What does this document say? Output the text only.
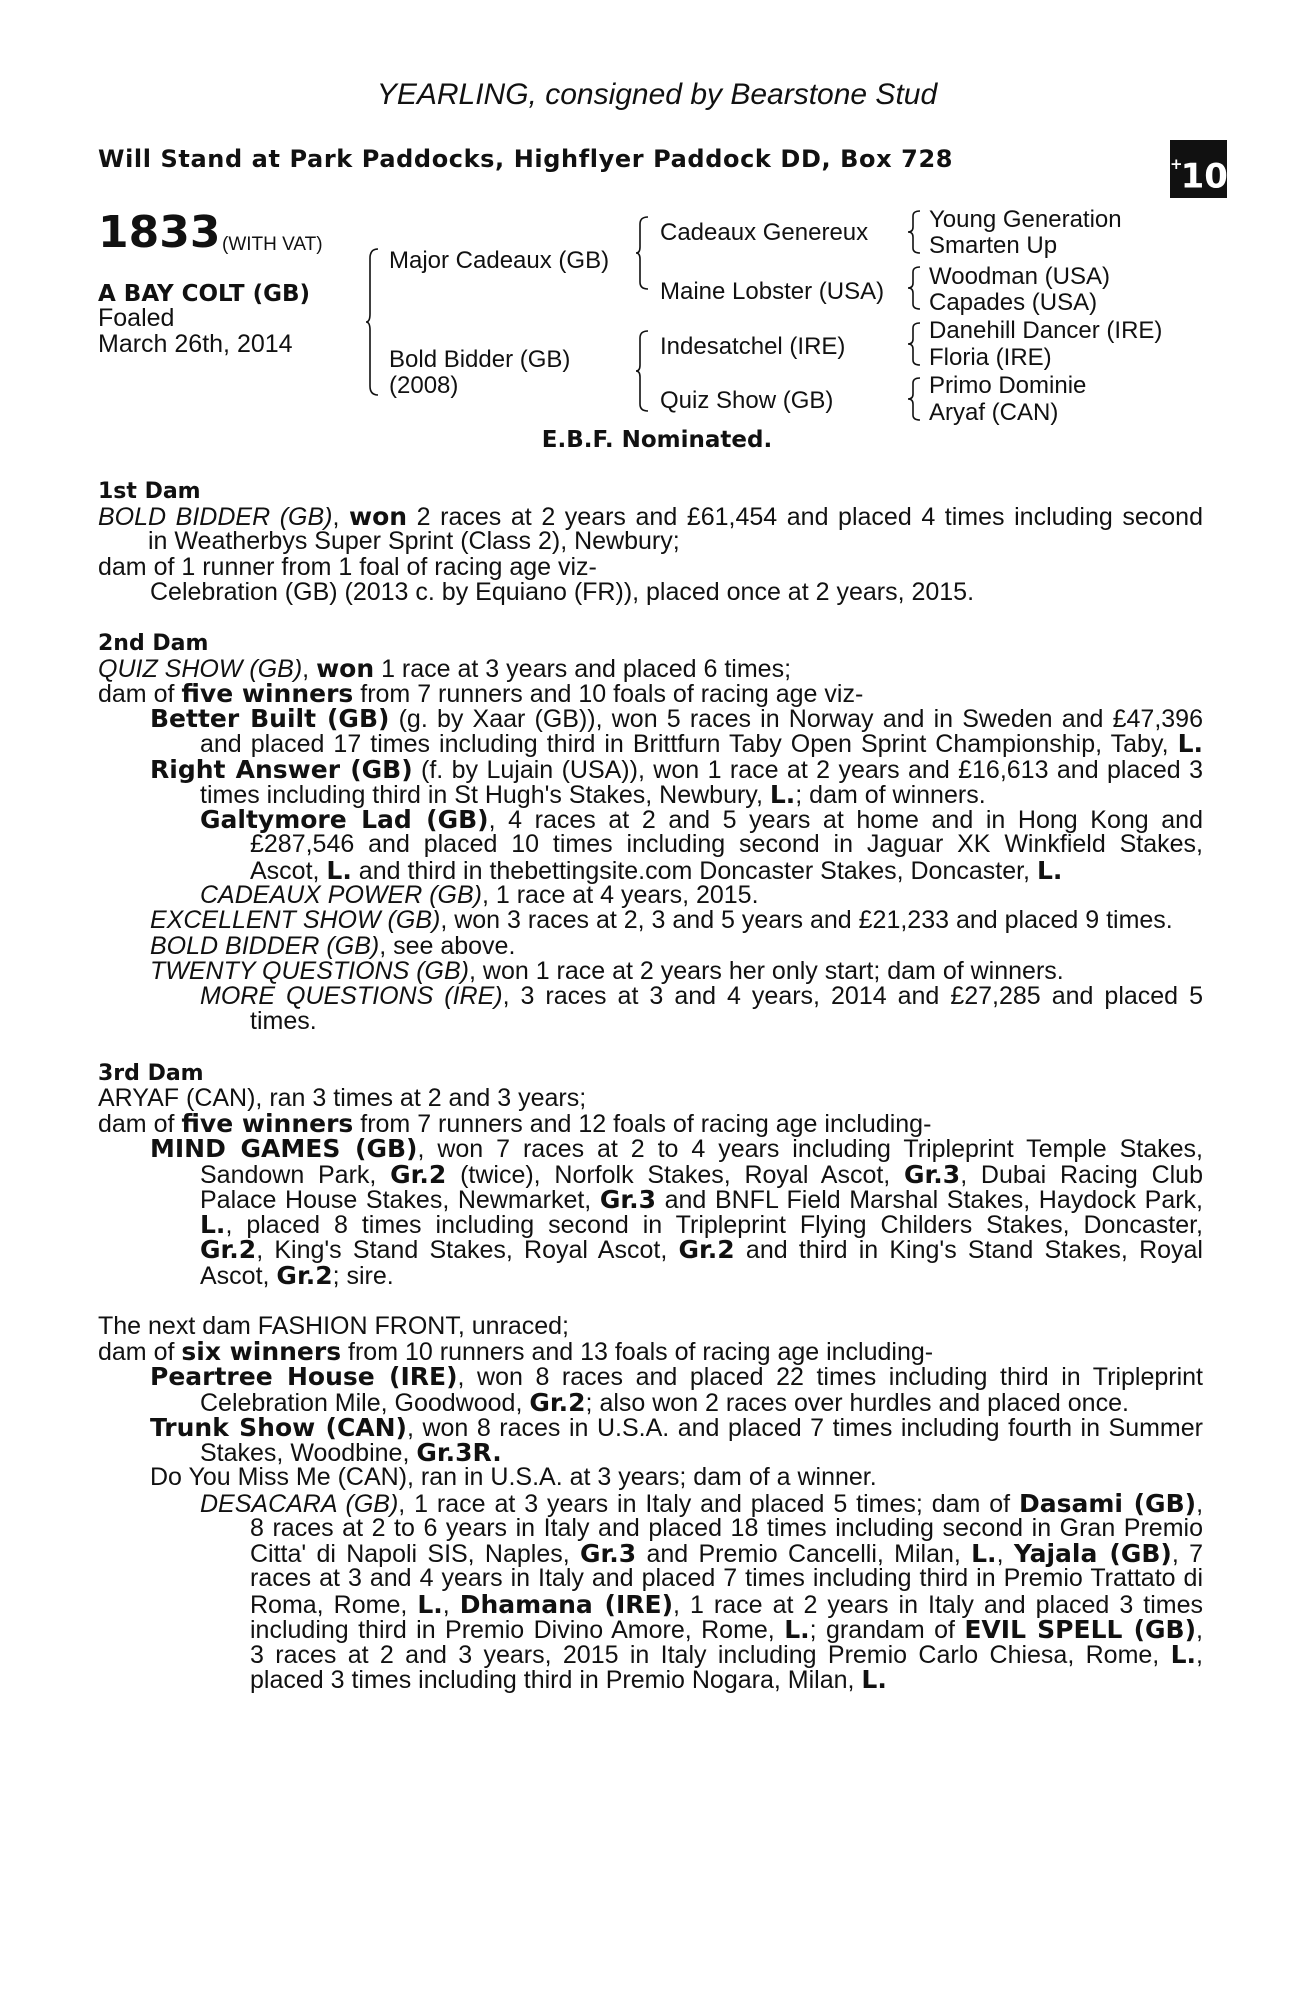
YEARLING, consigned by Bearstone Stud
Will Stand at Park Paddocks, Highflyer Paddock DD, Box 728	+10
1833 (WITH VAT)
A BAY COLT (GB)
Foaled
March 26th, 2014
Major Cadeaux (GB)
Bold Bidder (GB)
(2008)
Cadeaux Genereux
Maine Lobster (USA)
Indesatchel (IRE)
Quiz Show (GB)
Young Generation
Smarten Up
Woodman (USA)
Capades (USA)
Danehill Dancer (IRE)
Floria (IRE)
Primo Dominie
Aryaf (CAN)
E.B.F. Nominated.
1st Dam
BOLD BIDDER (GB), won 2 races at 2 years and £61,454 and placed 4 times including second
in Weatherbys Super Sprint (Class 2), Newbury;
dam of 1 runner from 1 foal of racing age viz-
Celebration (GB) (2013 c. by Equiano (FR)), placed once at 2 years, 2015.
2nd Dam
QUIZ SHOW (GB), won 1 race at 3 years and placed 6 times;
dam of five winners from 7 runners and 10 foals of racing age viz-
Better Built (GB) (g. by Xaar (GB)), won 5 races in Norway and in Sweden and £47,396
and placed 17 times including third in Brittfurn Taby Open Sprint Championship, Taby, L.
Right Answer (GB) (f. by Lujain (USA)), won 1 race at 2 years and £16,613 and placed 3
times including third in St Hugh's Stakes, Newbury, L.; dam of winners.
Galtymore Lad (GB), 4 races at 2 and 5 years at home and in Hong Kong and
£287,546 and placed 10 times including second in Jaguar XK Winkfield Stakes,
Ascot, L. and third in thebettingsite.com Doncaster Stakes, Doncaster, L.
CADEAUX POWER (GB), 1 race at 4 years, 2015.
EXCELLENT SHOW (GB), won 3 races at 2, 3 and 5 years and £21,233 and placed 9 times.
BOLD BIDDER (GB), see above.
TWENTY QUESTIONS (GB), won 1 race at 2 years her only start; dam of winners.
MORE QUESTIONS (IRE), 3 races at 3 and 4 years, 2014 and £27,285 and placed 5
times.
3rd Dam
ARYAF (CAN), ran 3 times at 2 and 3 years;
dam of five winners from 7 runners and 12 foals of racing age including-
MIND GAMES (GB), won 7 races at 2 to 4 years including Tripleprint Temple Stakes,
Sandown Park, Gr.2 (twice), Norfolk Stakes, Royal Ascot, Gr.3, Dubai Racing Club
Palace House Stakes, Newmarket, Gr.3 and BNFL Field Marshal Stakes, Haydock Park,
L., placed 8 times including second in Tripleprint Flying Childers Stakes, Doncaster,
Gr.2, King's Stand Stakes, Royal Ascot, Gr.2 and third in King's Stand Stakes, Royal
Ascot, Gr.2; sire.
The next dam FASHION FRONT, unraced;
dam of six winners from 10 runners and 13 foals of racing age including-
Peartree House (IRE), won 8 races and placed 22 times including third in Tripleprint
Celebration Mile, Goodwood, Gr.2; also won 2 races over hurdles and placed once.
Trunk Show (CAN), won 8 races in U.S.A. and placed 7 times including fourth in Summer
Stakes, Woodbine, Gr.3R.
Do You Miss Me (CAN), ran in U.S.A. at 3 years; dam of a winner.
DESACARA (GB), 1 race at 3 years in Italy and placed 5 times; dam of Dasami (GB),
8 races at 2 to 6 years in Italy and placed 18 times including second in Gran Premio
Citta' di Napoli SIS, Naples, Gr.3 and Premio Cancelli, Milan, L., Yajala (GB), 7
races at 3 and 4 years in Italy and placed 7 times including third in Premio Trattato di
Roma, Rome, L., Dhamana (IRE), 1 race at 2 years in Italy and placed 3 times
including third in Premio Divino Amore, Rome, L.; grandam of EVIL SPELL (GB),
3 races at 2 and 3 years, 2015 in Italy including Premio Carlo Chiesa, Rome, L.,
placed 3 times including third in Premio Nogara, Milan, L.
